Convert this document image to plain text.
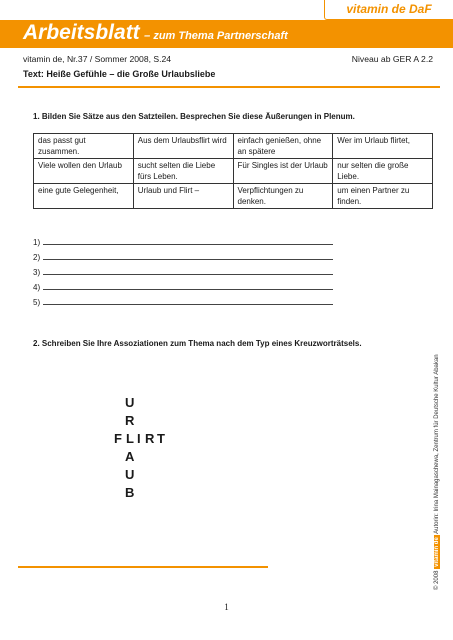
vitamin de DaF
Arbeitsblatt – zum Thema Partnerschaft
vitamin de, Nr.37 / Sommer 2008, S.24	Niveau ab GER A 2.2
Text: Heiße Gefühle – die Große Urlaubsliebe
1. Bilden Sie Sätze aus den Satzteilen. Besprechen Sie diese Äußerungen in Plenum.
das passt gut zusammen.	Aus dem Urlaubsflirt wird	einfach genießen, ohne an spätere	Wer im Urlaub flirtet,
Viele wollen den Urlaub	sucht selten die Liebe fürs Leben.	Für Singles ist der Urlaub	nur selten die große Liebe.
eine gute Gelegenheit,	Urlaub und Flirt –	Verpflichtungen zu denken.	um einen Partner zu finden.
1)
2)
3)
4)
5)
2. Schreiben Sie Ihre Assoziationen zum Thema nach dem Typ eines Kreuzworträtsels.
U
R
F L I R T
A
U
B
© 2008 vitamin de Autorin: Irina Mainagaschewa, Zentrum für Deutsche Kultur Abakan
1
